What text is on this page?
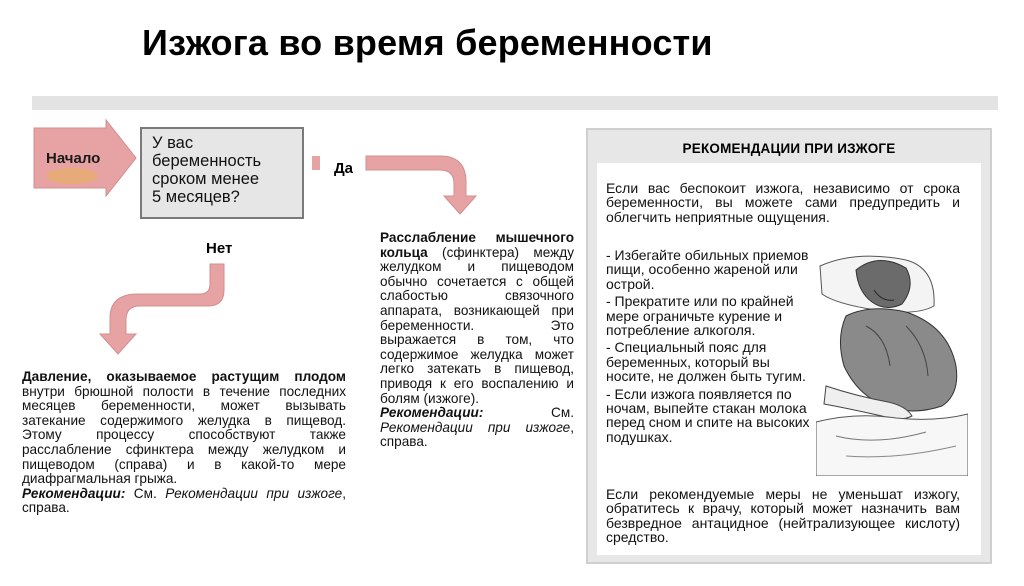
Изжога во время беременности
Начало
У вас
беременность
сроком менее
5 месяцев?
Да
Нет
Давление, оказываемое растущим плодом внутри брюшной полости в течение последних месяцев беременности, может вызывать затекание содержимого желудка в пищевод. Этому процессу способствуют также расслабление сфинктера между желудком и пищеводом (справа) и в какой-то мере диафрагмальная грыжа.
Рекомендации: См. Рекомендации при изжоге, справа.
Расслабление мышечного кольца (сфинктера) между желудком и пищеводом обычно сочетается с общей слабостью связочного аппарата, возникающей при беременности. Это выражается в том, что содержимое желудка может легко затекать в пищевод, приводя к его воспалению и болям (изжоге).
Рекомендации: См. Рекомендации при изжоге, справа.
РЕКОМЕНДАЦИИ ПРИ ИЗЖОГЕ
Если вас беспокоит изжога, независимо от срока беременности, вы можете сами предупредить и облегчить неприятные ощущения.
- Избегайте обильных приемов пищи, особенно жареной или острой.
- Прекратите или по крайней мере ограничьте курение и потребление алкоголя.
- Специальный пояс для беременных, который вы носите, не должен быть тугим.
- Если изжога появляется по ночам, выпейте стакан молока перед сном и спите на высоких подушках.
Если рекомендуемые меры не уменьшат изжогу, обратитесь к врачу, который может назначить вам безвредное антацидное (нейтрализующее кислоту) средство.
